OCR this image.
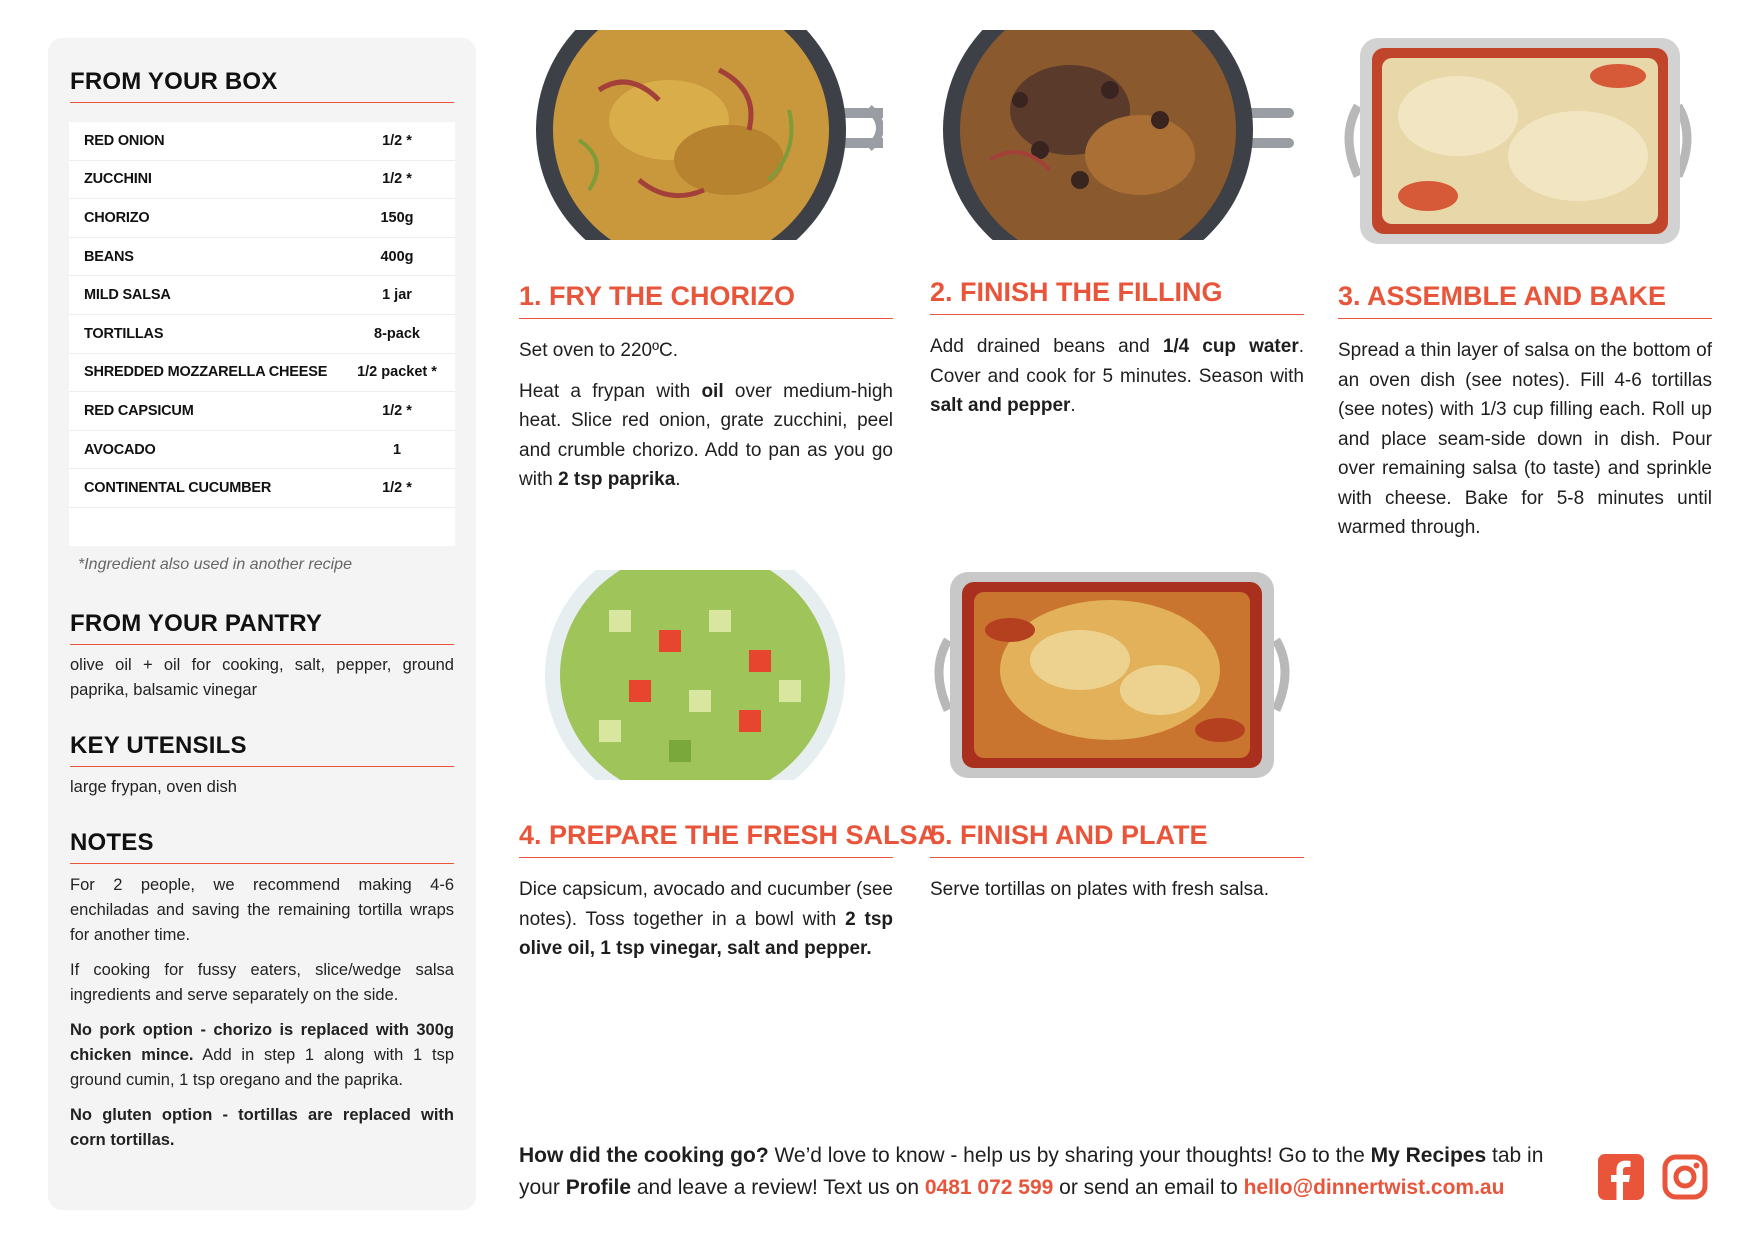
FROM YOUR BOX
RED ONION	1/2 *
ZUCCHINI	1/2 *
CHORIZO	150g
BEANS	400g
MILD SALSA	1 jar
TORTILLAS	8-pack
SHREDDED MOZZARELLA CHEESE	1/2 packet *
RED CAPSICUM	1/2 *
AVOCADO	1
CONTINENTAL CUCUMBER	1/2 *
*Ingredient also used in another recipe
FROM YOUR PANTRY
olive oil + oil for cooking, salt, pepper, ground paprika, balsamic vinegar
KEY UTENSILS
large frypan, oven dish
NOTES

For 2 people, we recommend making 4-6 enchiladas and saving the remaining tortilla wraps for another time.

If cooking for fussy eaters, slice/wedge salsa ingredients and serve separately on the side.

No pork option - chorizo is replaced with 300g chicken mince. Add in step 1 along with 1 tsp ground cumin, 1 tsp oregano and the paprika.

No gluten option - tortillas are replaced with corn tortillas.

1. FRY THE CHORIZO

Set oven to 220ºC.

Heat a frypan with oil over medium-high heat. Slice red onion, grate zucchini, peel and crumble chorizo. Add to pan as you go with 2 tsp paprika.

2. FINISH THE FILLING

Add drained beans and 1/4 cup water. Cover and cook for 5 minutes. Season with salt and pepper.

3. ASSEMBLE AND BAKE

Spread a thin layer of salsa on the bottom of an oven dish (see notes). Fill 4-6 tortillas (see notes) with 1/3 cup filling each. Roll up and place seam-side down in dish. Pour over remaining salsa (to taste) and sprinkle with cheese. Bake for 5-8 minutes until warmed through.

4. PREPARE THE FRESH SALSA

Dice capsicum, avocado and cucumber (see notes). Toss together in a bowl with 2 tsp olive oil, 1 tsp vinegar, salt and pepper.

5. FINISH AND PLATE

Serve tortillas on plates with fresh salsa.

How did the cooking go? We’d love to know - help us by sharing your thoughts! Go to the My Recipes tab in your Profile and leave a review! Text us on 0481 072 599 or send an email to hello@dinnertwist.com.au
